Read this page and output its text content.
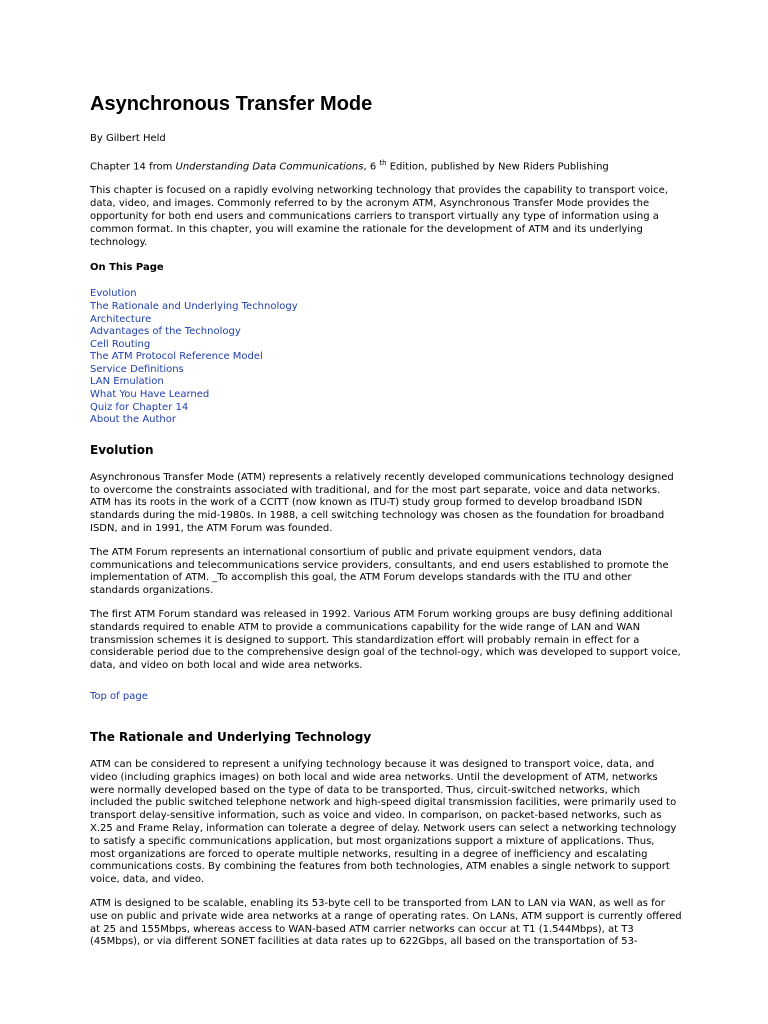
Asynchronous Transfer Mode
By Gilbert Held
Chapter 14 from Understanding Data Communications, 6 $^{th}$ Edition, published by New Riders Publishing

This chapter is focused on a rapidly evolving networking technology that provides the capability to transport voice, data, video, and images. Commonly referred to by the acronym ATM, Asynchronous Transfer Mode provides the opportunity for both end users and communications carriers to transport virtually any type of information using a common format. In this chapter, you will examine the rationale for the development of ATM and its underlying technology.

On This Page
Evolution
The Rationale and Underlying Technology
Architecture
Advantages of the Technology
Cell Routing
The ATM Protocol Reference Model
Service Definitions
LAN Emulation
What You Have Learned
Quiz for Chapter 14
About the Author
Evolution

Asynchronous Transfer Mode (ATM) represents a relatively recently developed communications technology designed to overcome the constraints associated with traditional, and for the most part separate, voice and data networks. ATM has its roots in the work of a CCITT (now known as ITU-T) study group formed to develop broadband ISDN standards during the mid-1980s. In 1988, a cell switching technology was chosen as the foundation for broadband ISDN, and in 1991, the ATM Forum was founded.

The ATM Forum represents an international consortium of public and private equipment vendors, data communications and telecommunications service providers, consultants, and end users established to promote the implementation of ATM. _To accomplish this goal, the ATM Forum develops standards with the ITU and other standards organizations.

The first ATM Forum standard was released in 1992. Various ATM Forum working groups are busy defining additional standards required to enable ATM to provide a communications capability for the wide range of LAN and WAN transmission schemes it is designed to support. This standardization effort will probably remain in effect for a considerable period due to the comprehensive design goal of the technol-ogy, which was developed to support voice, data, and video on both local and wide area networks.

Top of page
The Rationale and Underlying Technology

ATM can be considered to represent a unifying technology because it was designed to transport voice, data, and video (including graphics images) on both local and wide area networks. Until the development of ATM, networks were normally developed based on the type of data to be transported. Thus, circuit-switched networks, which included the public switched telephone network and high-speed digital transmission facilities, were primarily used to transport delay-sensitive information, such as voice and video. In comparison, on packet-based networks, such as X.25 and Frame Relay, information can tolerate a degree of delay. Network users can select a networking technology to satisfy a specific communications application, but most organizations support a mixture of applications. Thus, most organizations are forced to operate multiple networks, resulting in a degree of inefficiency and escalating communications costs. By combining the features from both technologies, ATM enables a single network to support voice, data, and video.

ATM is designed to be scalable, enabling its 53-byte cell to be transported from LAN to LAN via WAN, as well as for use on public and private wide area networks at a range of operating rates. On LANs, ATM support is currently offered at 25 and 155Mbps, whereas access to WAN-based ATM carrier networks can occur at T1 (1.544Mbps), at T3 (45Mbps), or via different SONET facilities at data rates up to 622Gbps, all based on the transportation of 53-
